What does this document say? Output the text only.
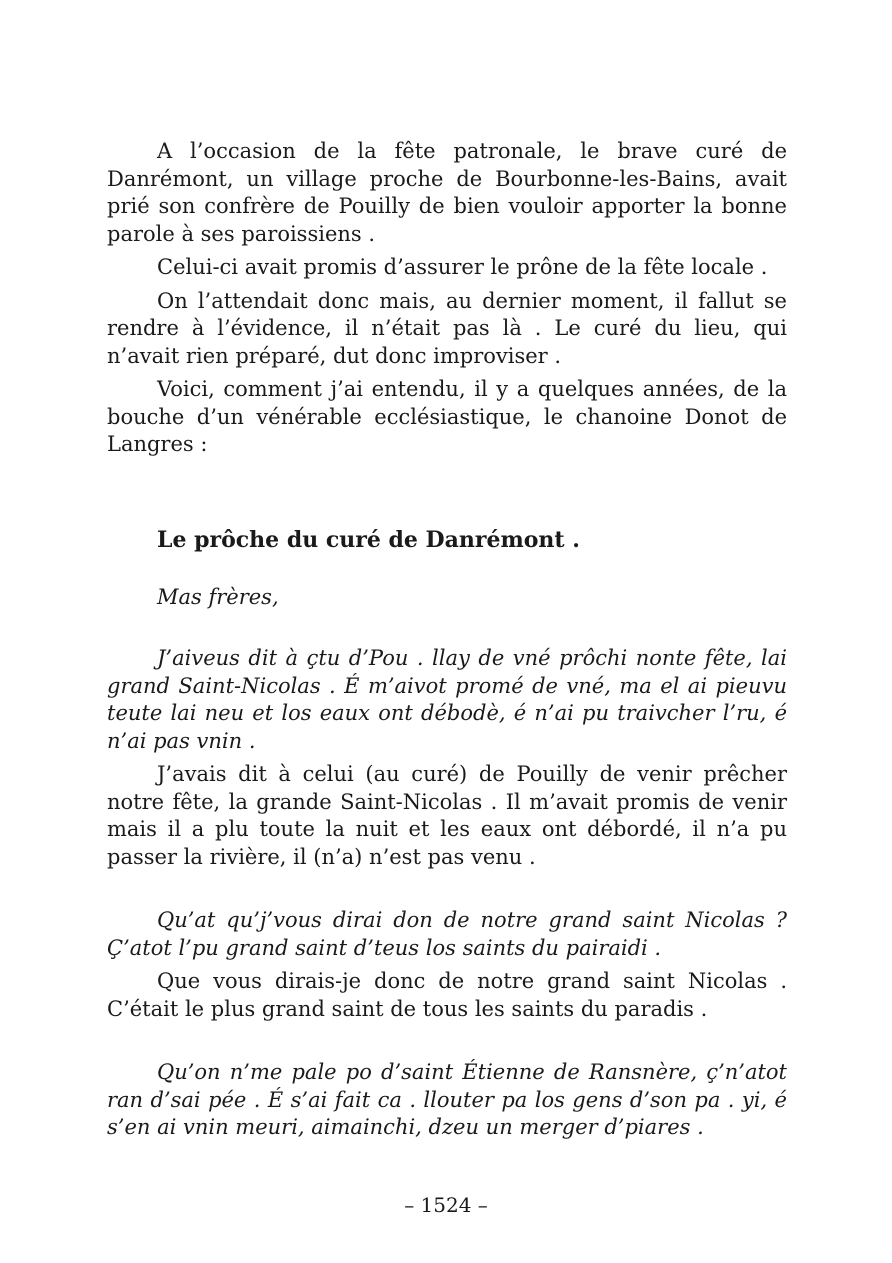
A l’occasion de la fête patronale, le brave curé de Danrémont, un village proche de Bourbonne-les-Bains, avait prié son confrère de Pouilly de bien vouloir apporter la bonne parole à ses paroissiens .

Celui-ci avait promis d’assurer le prône de la fête locale .

On l’attendait donc mais, au dernier moment, il fallut se rendre à l’évidence, il n’était pas là . Le curé du lieu, qui n’avait rien préparé, dut donc improviser .

Voici, comment j’ai entendu, il y a quelques années, de la bouche d’un vénérable ecclésiastique, le chanoine Donot de Langres :

Le prôche du curé de Danrémont .

Mas frères,

J’aiveus dit à çtu d’Pou . llay de vné prôchi nonte fête, lai grand Saint-Nicolas . É m’aivot promé de vné, ma el ai pieuvu teute lai neu et los eaux ont débodè, é n’ai pu traivcher l’ru, é n’ai pas vnin .

J’avais dit à celui (au curé) de Pouilly de venir prêcher notre fête, la grande Saint-Nicolas . Il m’avait promis de venir mais il a plu toute la nuit et les eaux ont débordé, il n’a pu passer la rivière, il (n’a) n’est pas venu .

Qu’at qu’j’vous dirai don de notre grand saint Nicolas ? Ç’atot l’pu grand saint d’teus los saints du pairaidi .

Que vous dirais-je donc de notre grand saint Nicolas . C’était le plus grand saint de tous les saints du paradis .

Qu’on n’me pale po d’saint Étienne de Ransnère, ç’n’atot ran d’sai pée . É s’ai fait ca . llouter pa los gens d’son pa . yi, é s’en ai vnin meuri, aimainchi, dzeu un merger d’piares .

– 1524 –
